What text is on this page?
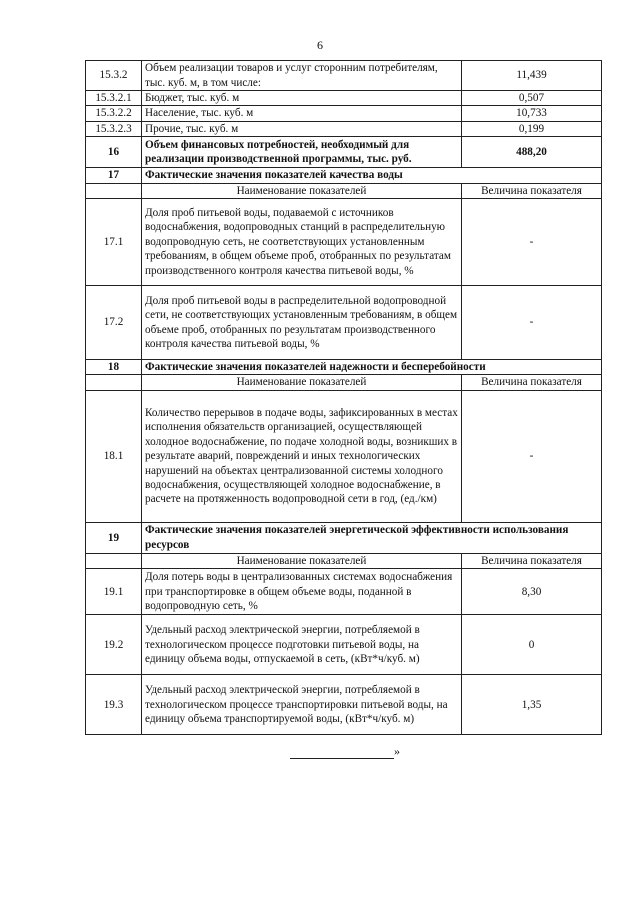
6
15.3.2	Объем реализации товаров и услуг сторонним потребителям, тыс. куб. м, в том числе:	11,439
15.3.2.1	Бюджет, тыс. куб. м	0,507
15.3.2.2	Население, тыс. куб. м	10,733
15.3.2.3	Прочие, тыс. куб. м	0,199
16	Объем финансовых потребностей, необходимый для реализации производственной программы, тыс. руб.	488,20
17	Фактические значения показателей качества воды	
	Наименование показателей	Величина показателя
17.1	Доля проб питьевой воды, подаваемой с источников водоснабжения, водопроводных станций в распределительную водопроводную сеть, не соответствующих установленным требованиям, в общем объеме проб, отобранных по результатам производственного контроля качества питьевой воды, %	-
17.2	Доля проб питьевой воды в распределительной водопроводной сети, не соответствующих установленным требованиям, в общем объеме проб, отобранных по результатам производственного контроля качества питьевой воды, %	-
18	Фактические значения показателей надежности и бесперебойности	
	Наименование показателей	Величина показателя
18.1	Количество перерывов в подаче воды, зафиксированных в местах исполнения обязательств организацией, осуществляющей холодное водоснабжение, по подаче холодной воды, возникших в результате аварий, повреждений и иных технологических нарушений на объектах централизованной системы холодного водоснабжения, осуществляющей холодное водоснабжение, в расчете на протяженность водопроводной сети в год, (ед./км)	-
19	Фактические значения показателей энергетической эффективности использования ресурсов	
	Наименование показателей	Величина показателя
19.1	Доля потерь воды в централизованных системах водоснабжения при транспортировке в общем объеме воды, поданной в водопроводную сеть, %	8,30
19.2	Удельный расход электрической энергии, потребляемой в технологическом процессе подготовки питьевой воды, на единицу объема воды, отпускаемой в сеть, (кВт*ч/куб. м)	0
19.3	Удельный расход электрической энергии, потребляемой в технологическом процессе транспортировки питьевой воды, на единицу объема транспортируемой воды, (кВт*ч/куб. м)	1,35
»
